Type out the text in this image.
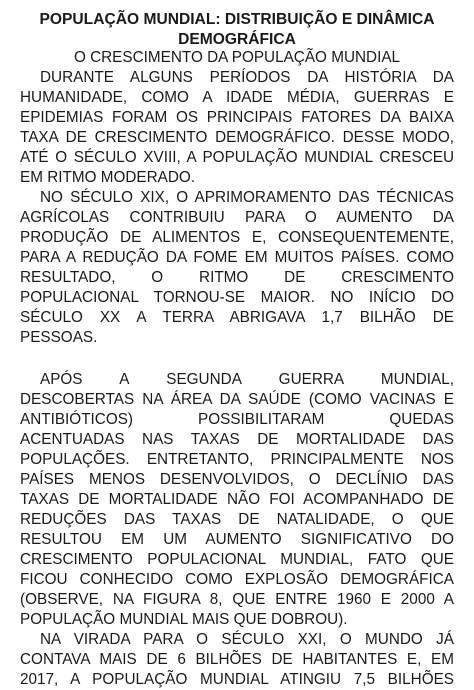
POPULAÇÃO MUNDIAL: DISTRIBUIÇÃO E DINÂMICA
DEMOGRÁFICA
O CRESCIMENTO DA POPULAÇÃO MUNDIAL
DURANTE ALGUNS PERÍODOS DA HISTÓRIA DA
HUMANIDADE, COMO A IDADE MÉDIA, GUERRAS E
EPIDEMIAS FORAM OS PRINCIPAIS FATORES DA BAIXA
TAXA DE CRESCIMENTO DEMOGRÁFICO. DESSE MODO,
ATÉ O SÉCULO XVIII, A POPULAÇÃO MUNDIAL CRESCEU
EM RITMO MODERADO.
NO SÉCULO XIX, O APRIMORAMENTO DAS TÉCNICAS
AGRÍCOLAS CONTRIBUIU PARA O AUMENTO DA
PRODUÇÃO DE ALIMENTOS E, CONSEQUENTEMENTE,
PARA A REDUÇÃO DA FOME EM MUITOS PAÍSES. COMO
RESULTADO, O RITMO DE CRESCIMENTO
POPULACIONAL TORNOU-SE MAIOR. NO INÍCIO DO
SÉCULO XX A TERRA ABRIGAVA 1,7 BILHÃO DE
PESSOAS.
APÓS A SEGUNDA GUERRA MUNDIAL,
DESCOBERTAS NA ÁREA DA SAÚDE (COMO VACINAS E
ANTIBIÓTICOS) POSSIBILITARAM QUEDAS
ACENTUADAS NAS TAXAS DE MORTALIDADE DAS
POPULAÇÕES. ENTRETANTO, PRINCIPALMENTE NOS
PAÍSES MENOS DESENVOLVIDOS, O DECLÍNIO DAS
TAXAS DE MORTALIDADE NÃO FOI ACOMPANHADO DE
REDUÇÕES DAS TAXAS DE NATALIDADE, O QUE
RESULTOU EM UM AUMENTO SIGNIFICATIVO DO
CRESCIMENTO POPULACIONAL MUNDIAL, FATO QUE
FICOU CONHECIDO COMO EXPLOSÃO DEMOGRÁFICA
(OBSERVE, NA FIGURA 8, QUE ENTRE 1960 E 2000 A
POPULAÇÃO MUNDIAL MAIS QUE DOBROU).
NA VIRADA PARA O SÉCULO XXI, O MUNDO JÁ
CONTAVA MAIS DE 6 BILHÕES DE HABITANTES E, EM
2017, A POPULAÇÃO MUNDIAL ATINGIU 7,5 BILHÕES
